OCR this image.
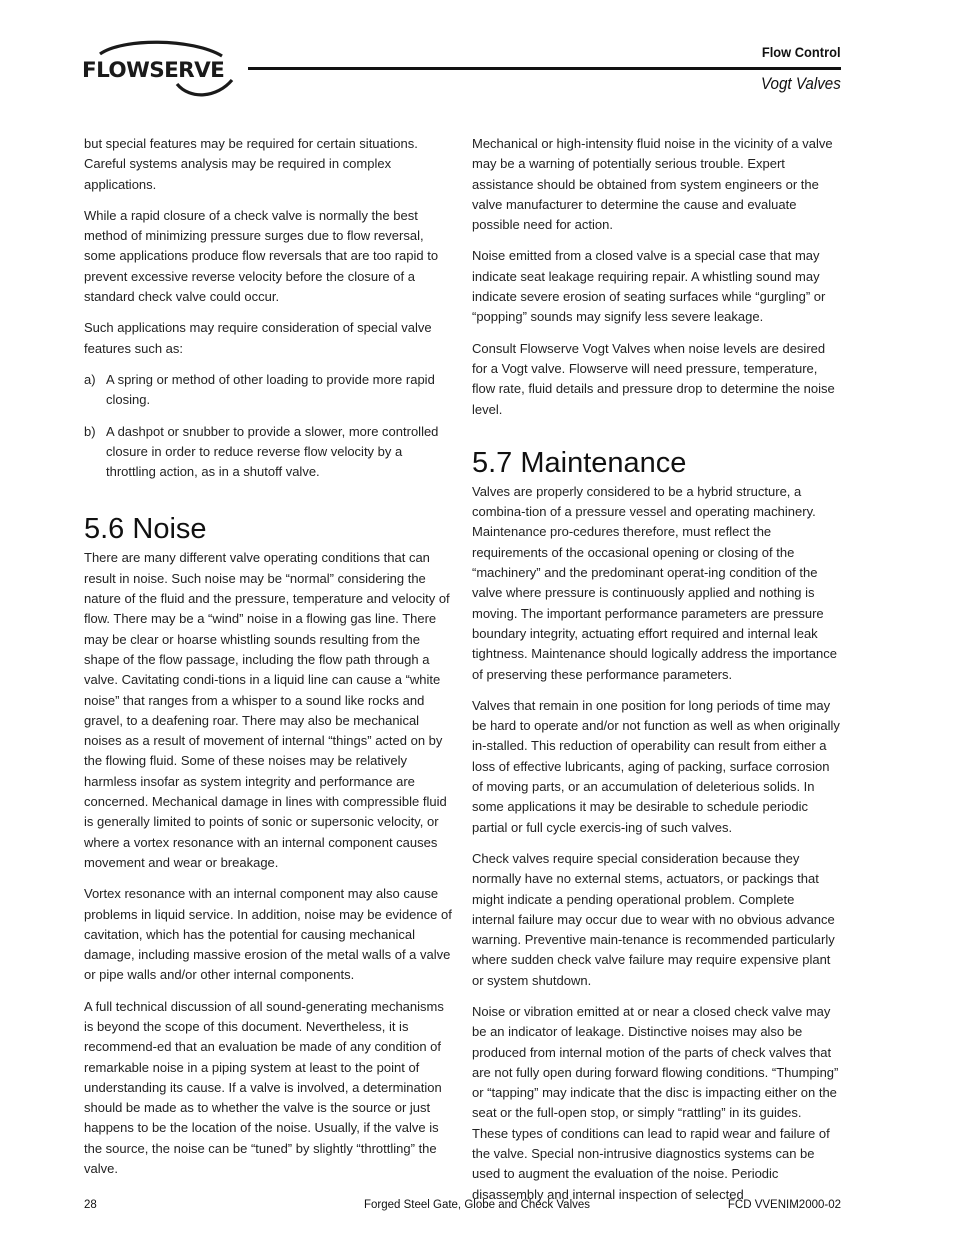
FLOWSERVE
Flow Control
Vogt Valves

but special features may be required for certain situations. Careful systems analysis may be required in complex applications.

While a rapid closure of a check valve is normally the best method of minimizing pressure surges due to flow reversal, some applications produce flow reversals that are too rapid to prevent excessive reverse velocity before the closure of a standard check valve could occur.

Such applications may require consideration of special valve features such as:

a) A spring or method of other loading to provide more rapid closing.
b) A dashpot or snubber to provide a slower, more controlled closure in order to reduce reverse flow velocity by a throttling action, as in a shutoff valve.
5.6 Noise

There are many different valve operating conditions that can result in noise. Such noise may be “normal” considering the nature of the fluid and the pressure, temperature and velocity of flow. There may be a “wind” noise in a flowing gas line. There may be clear or hoarse whistling sounds resulting from the shape of the flow passage, including the flow path through a valve. Cavitating condi-tions in a liquid line can cause a “white noise” that ranges from a whisper to a sound like rocks and gravel, to a deafening roar. There may also be mechanical noises as a result of movement of internal “things” acted on by the flowing fluid. Some of these noises may be relatively harmless insofar as system integrity and performance are concerned. Mechanical damage in lines with compressible fluid is generally limited to points of sonic or supersonic velocity, or where a vortex resonance with an internal component causes movement and wear or breakage.

Vortex resonance with an internal component may also cause problems in liquid service. In addition, noise may be evidence of cavitation, which has the potential for causing mechanical damage, including massive erosion of the metal walls of a valve or pipe walls and/or other internal components.

A full technical discussion of all sound-generating mechanisms is beyond the scope of this document. Nevertheless, it is recommend-ed that an evaluation be made of any condition of remarkable noise in a piping system at least to the point of understanding its cause. If a valve is involved, a determination should be made as to whether the valve is the source or just happens to be the location of the noise. Usually, if the valve is the source, the noise can be “tuned” by slightly “throttling” the valve.

Mechanical or high-intensity fluid noise in the vicinity of a valve may be a warning of potentially serious trouble. Expert assistance should be obtained from system engineers or the valve manufacturer to determine the cause and evaluate possible need for action.

Noise emitted from a closed valve is a special case that may indicate seat leakage requiring repair. A whistling sound may indicate severe erosion of seating surfaces while “gurgling” or “popping” sounds may signify less severe leakage.

Consult Flowserve Vogt Valves when noise levels are desired for a Vogt valve. Flowserve will need pressure, temperature, flow rate, fluid details and pressure drop to determine the noise level.

5.7 Maintenance

Valves are properly considered to be a hybrid structure, a combina-tion of a pressure vessel and operating machinery. Maintenance pro-cedures therefore, must reflect the requirements of the occasional opening or closing of the “machinery” and the predominant operat-ing condition of the valve where pressure is continuously applied and nothing is moving. The important performance parameters are pressure boundary integrity, actuating effort required and internal leak tightness. Maintenance should logically address the importance of preserving these performance parameters.

Valves that remain in one position for long periods of time may be hard to operate and/or not function as well as when originally in-stalled. This reduction of operability can result from either a loss of effective lubricants, aging of packing, surface corrosion of moving parts, or an accumulation of deleterious solids. In some applications it may be desirable to schedule periodic partial or full cycle exercis-ing of such valves.

Check valves require special consideration because they normally have no external stems, actuators, or packings that might indicate a pending operational problem. Complete internal failure may occur due to wear with no obvious advance warning. Preventive main-tenance is recommended particularly where sudden check valve failure may require expensive plant or system shutdown.

Noise or vibration emitted at or near a closed check valve may be an indicator of leakage. Distinctive noises may also be produced from internal motion of the parts of check valves that are not fully open during forward flowing conditions. “Thumping” or “tapping” may indicate that the disc is impacting either on the seat or the full-open stop, or simply “rattling” in its guides. These types of conditions can lead to rapid wear and failure of the valve. Special non-intrusive diagnostics systems can be used to augment the evaluation of the noise. Periodic disassembly and internal inspection of selected

28	Forged Steel Gate, Globe and Check Valves	FCD VVENIM2000-02
